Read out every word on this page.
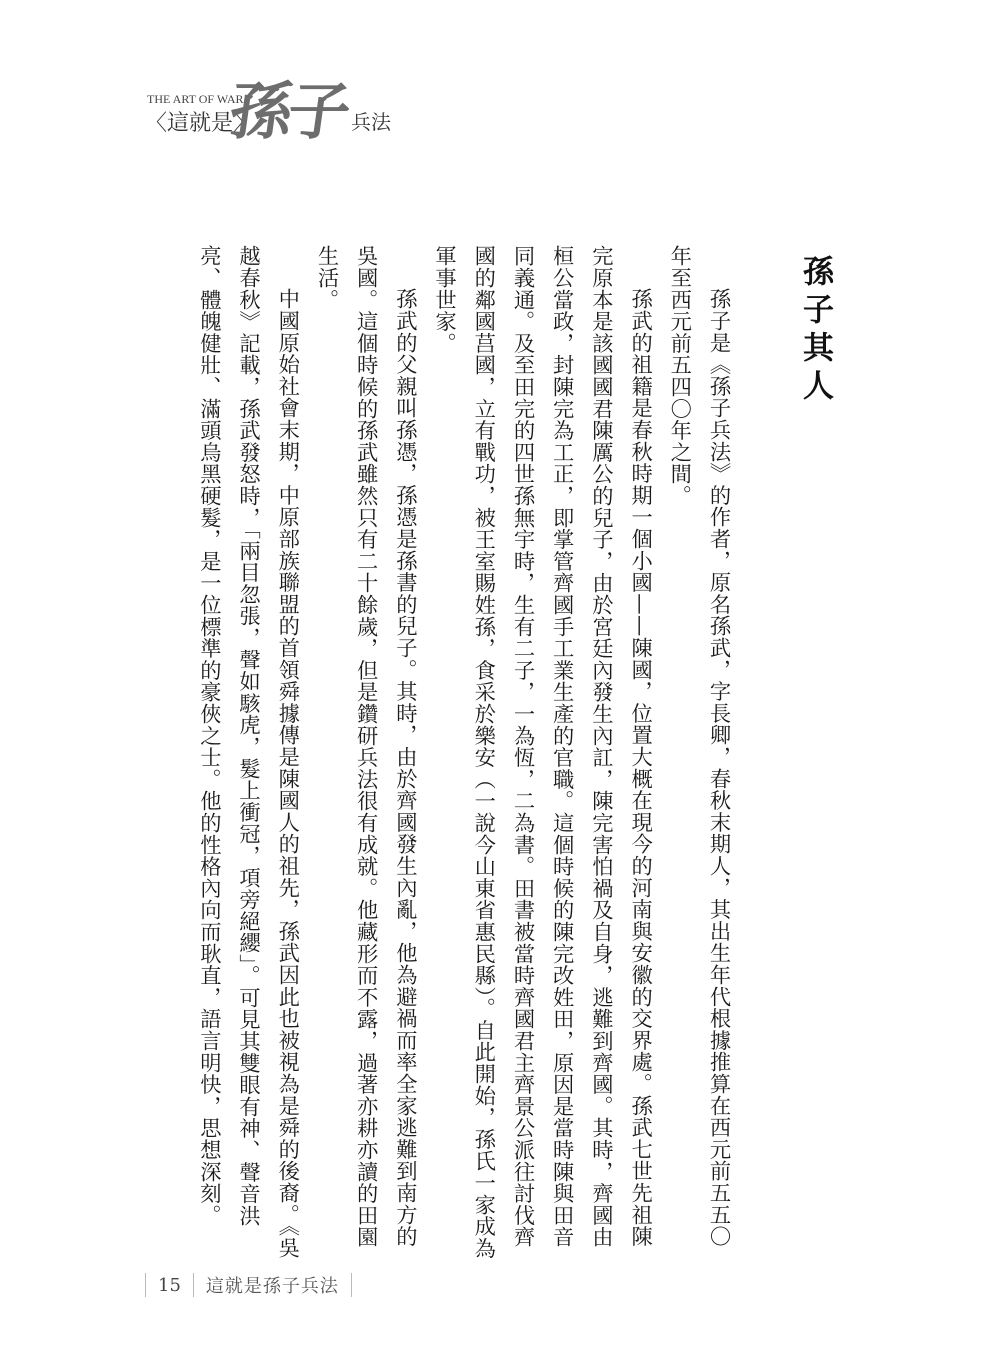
THE ART OF WAR
〈這就是〉
孫子 兵法
孫子其人

孫子是《孫子兵法》的作者，原名孫武，字長卿，春秋末期人，其出生年代根據推算在西元前五五〇年至西元前五四〇年之間。

孫武的祖籍是春秋時期一個小國——陳國，位置大概在現今的河南與安徽的交界處。孫武七世先祖陳完原本是該國國君陳厲公的兒子，由於宮廷內發生內訌，陳完害怕禍及自身，逃難到齊國。其時，齊國由桓公當政，封陳完為工正，即掌管齊國手工業生產的官職。這個時候的陳完改姓田，原因是當時陳與田音同義通。及至田完的四世孫無宇時，生有二子，一為恆，二為書。田書被當時齊國君主齊景公派往討伐齊國的鄰國莒國，立有戰功，被王室賜姓孫，食采於樂安（一說今山東省惠民縣）。自此開始，孫氏一家成為軍事世家。

孫武的父親叫孫憑，孫憑是孫書的兒子。其時，由於齊國發生內亂，他為避禍而率全家逃難到南方的吳國。這個時候的孫武雖然只有二十餘歲，但是鑽研兵法很有成就。他藏形而不露，過著亦耕亦讀的田園生活。

中國原始社會末期，中原部族聯盟的首領舜據傳是陳國人的祖先，孫武因此也被視為是舜的後裔。《吳越春秋》記載，孫武發怒時，「兩目忽張，聲如駭虎，髮上衝冠，項旁絕纓」。可見其雙眼有神、聲音洪亮、體魄健壯、滿頭烏黑硬髮，是一位標準的豪俠之士。他的性格內向而耿直，語言明快，思想深刻。

15	這就是孫子兵法
